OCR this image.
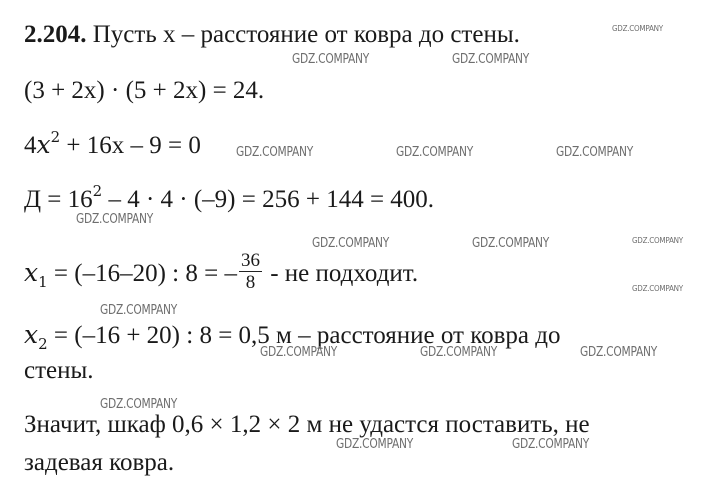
2.204. Пусть х – расстояние от ковра до стены.
(3 + 2x) · (5 + 2x) = 24.
$4x^2 + 16x - 9 = 0$
$Д = 16^2 - 4 \cdot 4 \cdot (-9) = 256 + 144 = 400$.
$x_1 = (-16-20)$ : 8 = – $\frac{36}{8}$ - не подходит.
$x_2 = (-16 + 20)$ : 8 = 0,5 м – расстояние от ковра до
стены.
Значит, шкаф 0,6 × 1,2 × 2 м не удастся поставить, не
задевая ковра.
GDZ.COMPANY
GDZ.COMPANY	GDZ.COMPANY
GDZ.COMPANY	GDZ.COMPANY	GDZ.COMPANY
GDZ.COMPANY
GDZ.COMPANY	GDZ.COMPANY	GDZ.COMPANY
GDZ.COMPANY
GDZ.COMPANY
GDZ.COMPANY	GDZ.COMPANY	GDZ.COMPANY
GDZ.COMPANY
GDZ.COMPANY	GDZ.COMPANY
